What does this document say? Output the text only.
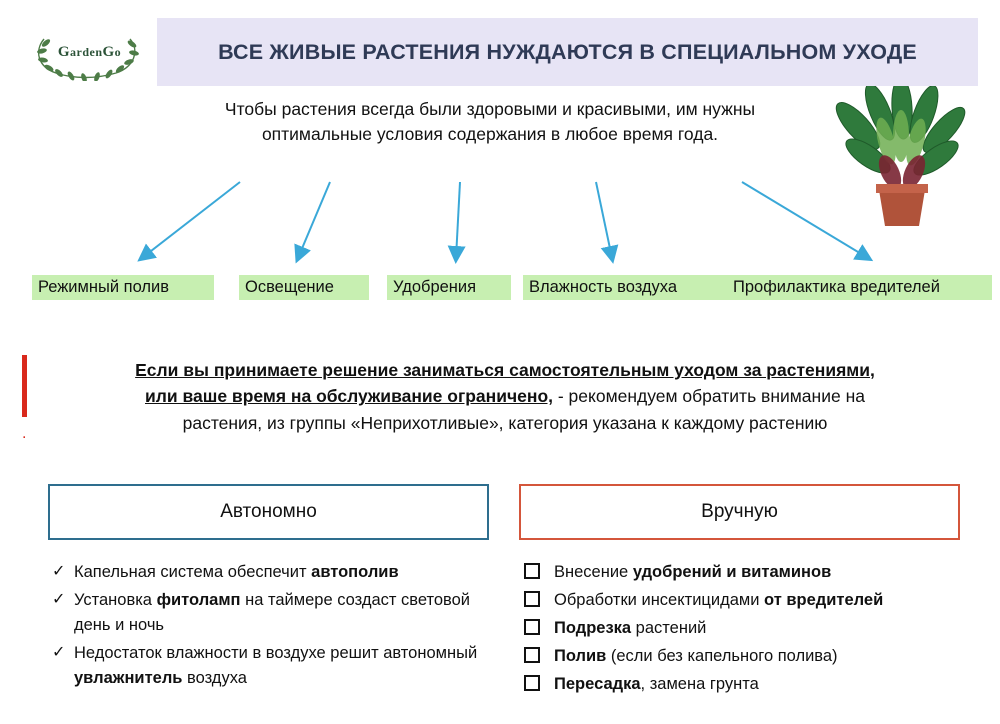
GardenGo	ВСЕ ЖИВЫЕ РАСТЕНИЯ НУЖДАЮТСЯ В СПЕЦИАЛЬНОМ УХОДЕ
Чтобы растения всегда были здоровыми и красивыми, им нужны
оптимальные условия содержания в любое время года.
Режимный полив	Освещение	Удобрения	Влажность воздуха	Профилактика вредителей
.
Если вы принимаете решение заниматься самостоятельным уходом за растениями,
или ваше время на обслуживание ограничено, - рекомендуем обратить внимание на
растения, из группы «Неприхотливые», категория указана к каждому растению
Автономно	Вручную
✓ Капельная система обеспечит автополив
✓ Установка фитоламп на таймере создаст световой день и ночь
✓ Недостаток влажности в воздухе решит автономный увлажнитель воздуха
Внесение удобрений и витаминов
Обработки инсектицидами от вредителей
Подрезка растений
Полив (если без капельного полива)
Пересадка, замена грунта
